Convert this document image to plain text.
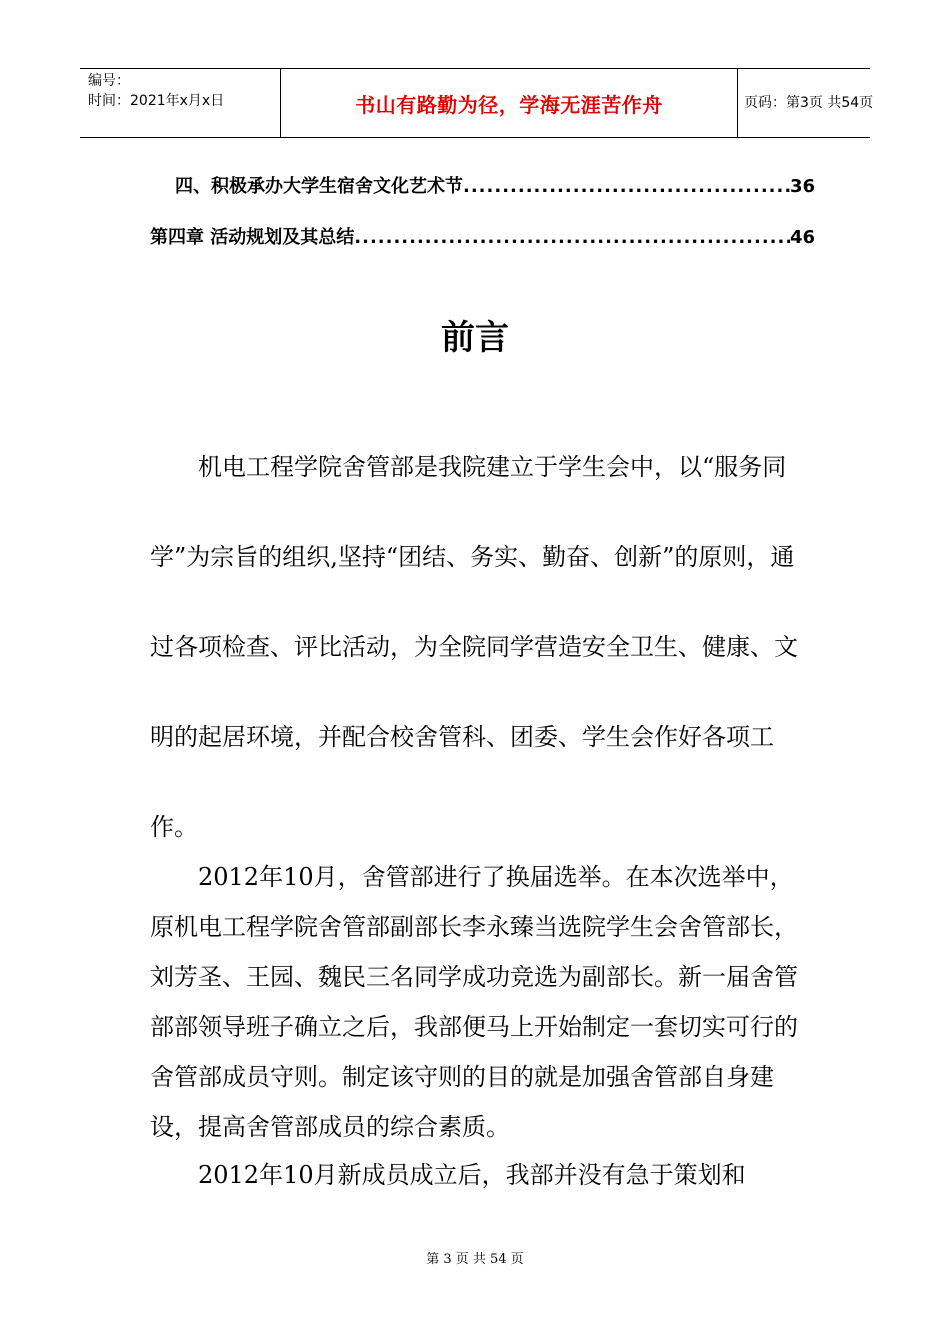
编号：
时间：2021年x月x日	书山有路勤为径，学海无涯苦作舟	页码：第3页 共54页
四、积极承办大学生宿舍文化艺术节 .....	36
第四章 活动规划及其总结 .....	46
前言

机电工程学院舍管部是我院建立于学生会中，以“服务同学”为宗旨的组织,坚持“团结、务实、勤奋、创新”的原则，通过各项检查、评比活动，为全院同学营造安全卫生、健康、文明的起居环境，并配合校舍管科、团委、学生会作好各项工作。

2012年10月，舍管部进行了换届选举。在本次选举中，原机电工程学院舍管部副部长李永臻当选院学生会舍管部长，刘芳圣、王园、魏民三名同学成功竞选为副部长。新一届舍管部部领导班子确立之后，我部便马上开始制定一套切实可行的舍管部成员守则。制定该守则的目的就是加强舍管部自身建设，提高舍管部成员的综合素质。

2012年10月新成员成立后，我部并没有急于策划和

第 3 页 共 54 页
